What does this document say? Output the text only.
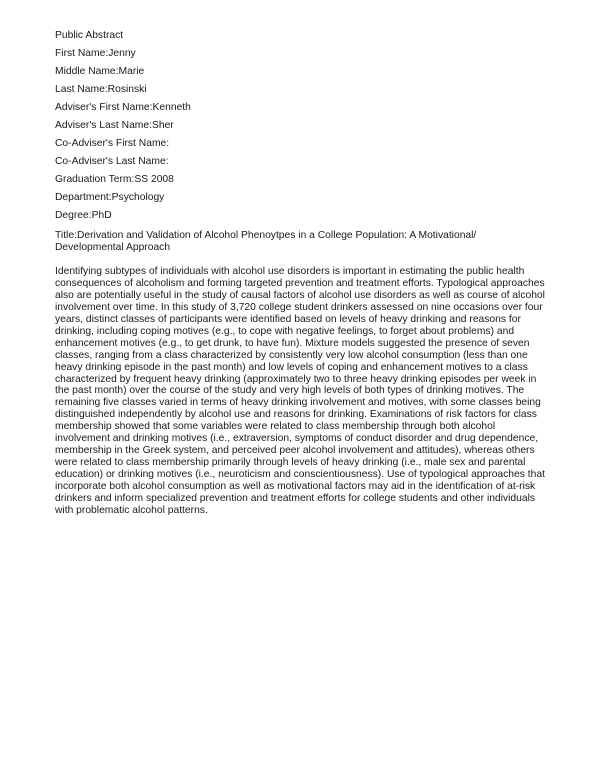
Public Abstract
First Name:Jenny
Middle Name:Marie
Last Name:Rosinski
Adviser's First Name:Kenneth
Adviser's Last Name:Sher
Co-Adviser's First Name:
Co-Adviser's Last Name:
Graduation Term:SS 2008
Department:Psychology
Degree:PhD
Title:Derivation and Validation of Alcohol Phenoytpes in a College Population: A Motivational/ Developmental Approach

Identifying subtypes of individuals with alcohol use disorders is important in estimating the public health consequences of alcoholism and forming targeted prevention and treatment efforts. Typological approaches also are potentially useful in the study of causal factors of alcohol use disorders as well as course of alcohol involvement over time. In this study of 3,720 college student drinkers assessed on nine occasions over four years, distinct classes of participants were identified based on levels of heavy drinking and reasons for drinking, including coping motives (e.g., to cope with negative feelings, to forget about problems) and enhancement motives (e.g., to get drunk, to have fun). Mixture models suggested the presence of seven classes, ranging from a class characterized by consistently very low alcohol consumption (less than one heavy drinking episode in the past month) and low levels of coping and enhancement motives to a class characterized by frequent heavy drinking (approximately two to three heavy drinking episodes per week in the past month) over the course of the study and very high levels of both types of drinking motives. The remaining five classes varied in terms of heavy drinking involvement and motives, with some classes being distinguished independently by alcohol use and reasons for drinking. Examinations of risk factors for class membership showed that some variables were related to class membership through both alcohol involvement and drinking motives (i.e., extraversion, symptoms of conduct disorder and drug dependence, membership in the Greek system, and perceived peer alcohol involvement and attitudes), whereas others were related to class membership primarily through levels of heavy drinking (i.e., male sex and parental education) or drinking motives (i.e., neuroticism and conscientiousness). Use of typological approaches that incorporate both alcohol consumption as well as motivational factors may aid in the identification of at-risk drinkers and inform specialized prevention and treatment efforts for college students and other individuals with problematic alcohol patterns.
